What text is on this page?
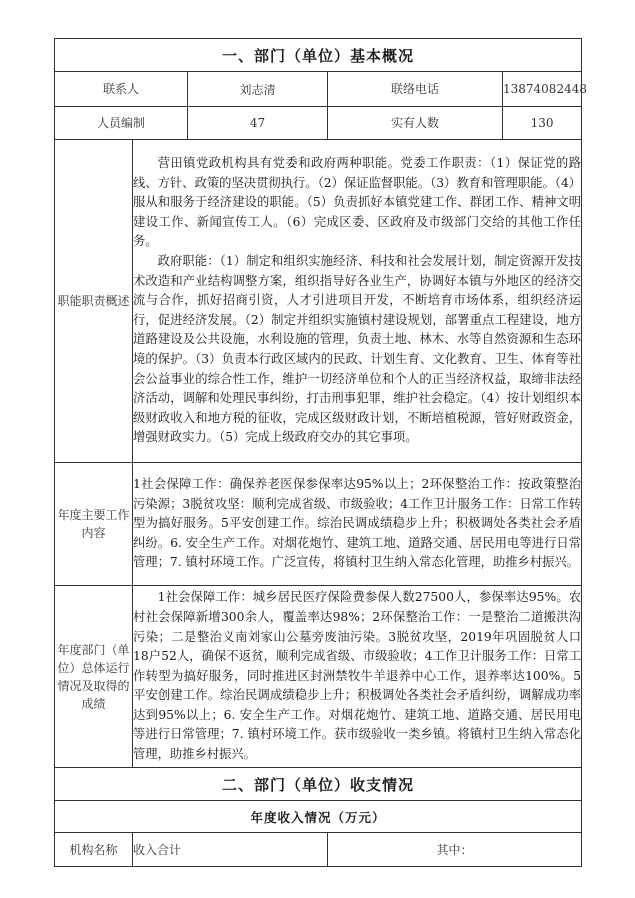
一、部门（单位）基本概况				
联系人		刘志清	联络电话	13874082448
人员编制		47	实有人数	130
职能职责概述	营田镇党政机构具有党委和政府两种职能。党委工作职责：（1）保证党的路线、方针、政策的坚决贯彻执行。（2）保证监督职能。（3）教育和管理职能。（4）服从和服务于经济建设的职能。（5）负责抓好本镇党建工作、群团工作、精神文明建设工作、新闻宣传工人。（6）完成区委、区政府及市级部门交给的其他工作任务。

政府职能：（1）制定和组织实施经济、科技和社会发展计划，制定资源开发技术改造和产业结构调整方案，组织指导好各业生产，协调好本镇与外地区的经济交流与合作，抓好招商引资，人才引进项目开发，不断培育市场体系，组织经济运行，促进经济发展。（2）制定并组织实施镇村建设规划，部署重点工程建设，地方道路建设及公共设施，水利设施的管理，负责土地、林木、水等自然资源和生态环境的保护。（3）负责本行政区域内的民政、计划生育、文化教育、卫生、体育等社会公益事业的综合性工作，维护一切经济单位和个人的正当经济权益，取缔非法经济活动，调解和处理民事纠纷，打击刑事犯罪，维护社会稳定。（4）按计划组织本级财政收入和地方税的征收，完成区级财政计划，不断培植税源，管好财政资金，增强财政实力。（5）完成上级政府交办的其它事项。			

年度主要工作内容	1社会保障工作：确保养老医保参保率达95%以上；2环保整治工作：按政策整治污染源；3脱贫攻坚：顺利完成省级、市级验收；4工作卫计服务工作：日常工作转型为搞好服务。5平安创建工作。综治民调成绩稳步上升；积极调处各类社会矛盾纠纷。6. 安全生产工作。对烟花炮竹、建筑工地、道路交通、居民用电等进行日常管理；7. 镇村环境工作。广泛宣传，将镇村卫生纳入常态化管理，助推乡村振兴。			
年度部门（单位）总体运行情况及取得的成绩	1社会保障工作：城乡居民医疗保险费参保人数27500人，参保率达95%。农村社会保障新增300余人，覆盖率达98%；2环保整治工作：一是整治二道搬洪沟污染；二是整治义南刘家山公墓旁废油污染。3脱贫攻坚，2019年巩固脱贫人口18户52人，确保不返贫，顺利完成省级、市级验收；4工作卫计服务工作：日常工作转型为搞好服务，同时推进区封洲禁牧牛羊退养中心工作，退养率达100%。5平安创建工作。综治民调成绩稳步上升；积极调处各类社会矛盾纠纷，调解成功率达到95%以上；6. 安全生产工作。对烟花炮竹、建筑工地、道路交通、居民用电等进行日常管理；7. 镇村环境工作。获市级验收一类乡镇。将镇村卫生纳入常态化管理，助推乡村振兴。			
二、部门（单位）收支情况				
年度收入情况（万元）				
机构名称	收入合计		其中：	
